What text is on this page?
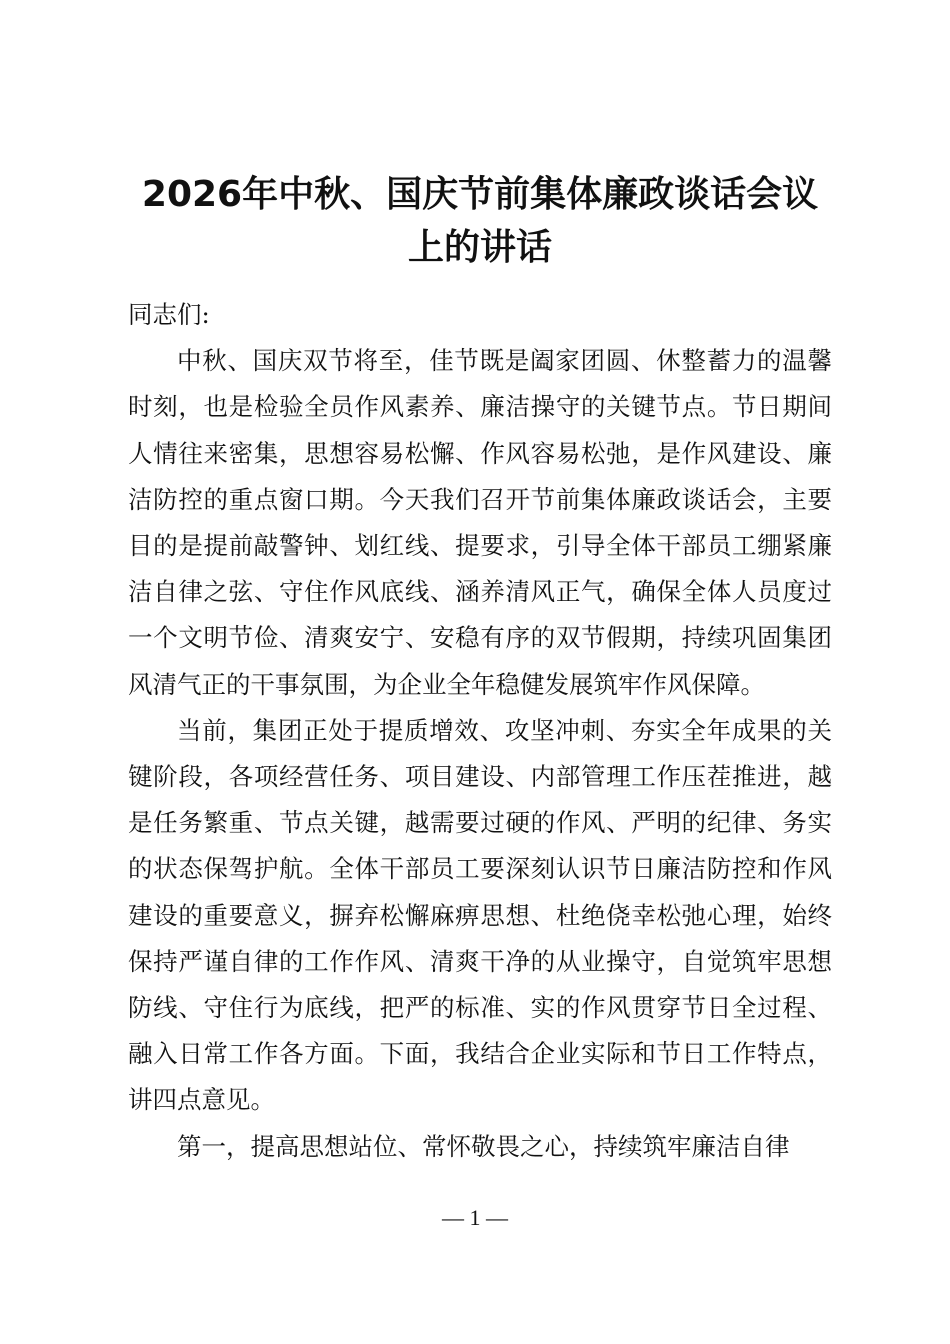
2026年中秋、国庆节前集体廉政谈话会议
上的讲话

同志们:

中秋、国庆双节将至，佳节既是阖家团圆、休整蓄力的温馨时刻，也是检验全员作风素养、廉洁操守的关键节点。节日期间人情往来密集，思想容易松懈、作风容易松弛，是作风建设、廉洁防控的重点窗口期。今天我们召开节前集体廉政谈话会，主要目的是提前敲警钟、划红线、提要求，引导全体干部员工绷紧廉洁自律之弦、守住作风底线、涵养清风正气，确保全体人员度过一个文明节俭、清爽安宁、安稳有序的双节假期，持续巩固集团风清气正的干事氛围，为企业全年稳健发展筑牢作风保障。

当前，集团正处于提质增效、攻坚冲刺、夯实全年成果的关键阶段，各项经营任务、项目建设、内部管理工作压茬推进，越是任务繁重、节点关键，越需要过硬的作风、严明的纪律、务实的状态保驾护航。全体干部员工要深刻认识节日廉洁防控和作风建设的重要意义，摒弃松懈麻痹思想、杜绝侥幸松弛心理，始终保持严谨自律的工作作风、清爽干净的从业操守，自觉筑牢思想防线、守住行为底线，把严的标准、实的作风贯穿节日全过程、融入日常工作各方面。下面，我结合企业实际和节日工作特点，讲四点意见。

第一，提高思想站位、常怀敬畏之心，持续筑牢廉洁自律

— 1 —
